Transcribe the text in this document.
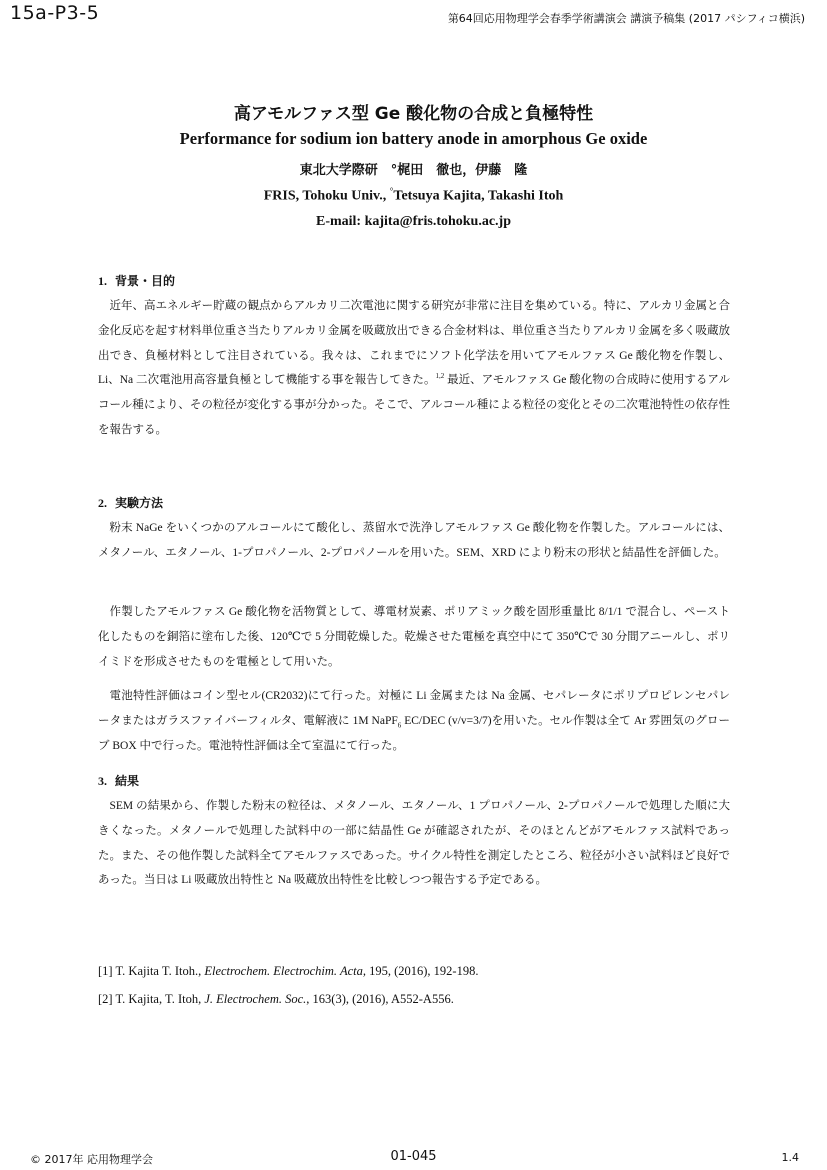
15a-P3-5	第64回応用物理学会春季学術講演会 講演予稿集 (2017 パシフィコ横浜)
高アモルファス型 Ge 酸化物の合成と負極特性
Performance for sodium ion battery anode in amorphous Ge oxide
東北大学際研　°梶田　徹也，伊藤　隆
FRIS, Tohoku Univ., °Tetsuya Kajita, Takashi Itoh
E-mail: kajita@fris.tohoku.ac.jp
1. 背景・目的
近年、高エネルギー貯蔵の観点からアルカリ二次電池に関する研究が非常に注目を集めている。特に、アルカリ金属と合金化反応を起す材料単位重さ当たりアルカリ金属を吸蔵放出できる合金材料は、単位重さ当たりアルカリ金属を多く吸蔵放出でき、負極材料として注目されている。我々は、これまでにソフト化学法を用いてアモルファス Ge 酸化物を作製し、Li、Na 二次電池用高容量負極として機能する事を報告してきた。$^{1,2}$ 最近、アモルファス Ge 酸化物の合成時に使用するアルコール種により、その粒径が変化する事が分かった。そこで、アルコール種による粒径の変化とその二次電池特性の依存性を報告する。
2. 実験方法
粉末 NaGe をいくつかのアルコールにて酸化し、蒸留水で洗浄しアモルファス Ge 酸化物を作製した。アルコールには、メタノール、エタノール、1-プロパノール、2-プロパノールを用いた。SEM、XRD により粉末の形状と結晶性を評価した。
作製したアモルファス Ge 酸化物を活物質として、導電材炭素、ポリアミック酸を固形重量比 8/1/1 で混合し、ペースト化したものを銅箔に塗布した後、120℃で 5 分間乾燥した。乾燥させた電極を真空中にて 350℃で 30 分間アニールし、ポリイミドを形成させたものを電極として用いた。
電池特性評価はコイン型セル(CR2032)にて行った。対極に Li 金属または Na 金属、セパレータにポリプロピレンセパレータまたはガラスファイバーフィルタ、電解液に 1M NaPF$_6$ EC/DEC (v/v=3/7)を用いた。セル作製は全て Ar 雰囲気のグローブ BOX 中で行った。電池特性評価は全て室温にて行った。
3. 結果
SEM の結果から、作製した粉末の粒径は、メタノール、エタノール、1 プロパノール、2-プロパノールで処理した順に大きくなった。メタノールで処理した試料中の一部に結晶性 Ge が確認されたが、そのほとんどがアモルファス試料であった。また、その他作製した試料全てアモルファスであった。サイクル特性を測定したところ、粒径が小さい試料ほど良好であった。当日は Li 吸蔵放出特性と Na 吸蔵放出特性を比較しつつ報告する予定である。
[1] T. Kajita T. Itoh., Electrochem. Electrochim. Acta, 195, (2016), 192-198.
[2] T. Kajita, T. Itoh, J. Electrochem. Soc., 163(3), (2016), A552-A556.
© 2017年 応用物理学会	01-045	1.4
